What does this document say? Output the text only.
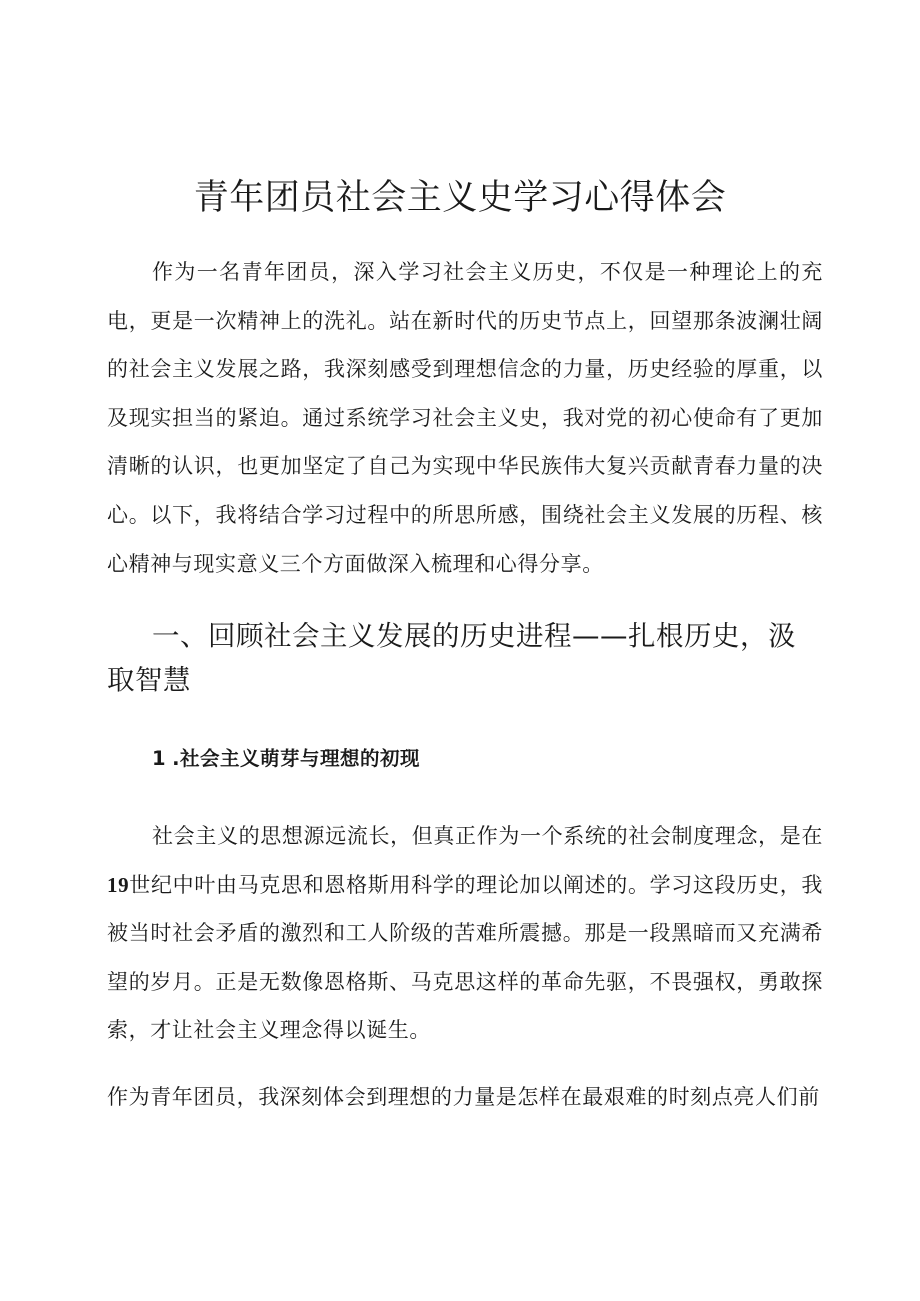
青年团员社会主义史学习心得体会

作为一名青年团员，深入学习社会主义历史，不仅是一种理论上的充电，更是一次精神上的洗礼。站在新时代的历史节点上，回望那条波澜壮阔的社会主义发展之路，我深刻感受到理想信念的力量，历史经验的厚重，以及现实担当的紧迫。通过系统学习社会主义史，我对党的初心使命有了更加清晰的认识，也更加坚定了自己为实现中华民族伟大复兴贡献青春力量的决心。以下，我将结合学习过程中的所思所感，围绕社会主义发展的历程、核心精神与现实意义三个方面做深入梳理和心得分享。

一、回顾社会主义发展的历史进程——扎根历史，汲取智慧
1 .社会主义萌芽与理想的初现

社会主义的思想源远流长，但真正作为一个系统的社会制度理念，是在19世纪中叶由马克思和恩格斯用科学的理论加以阐述的。学习这段历史，我被当时社会矛盾的激烈和工人阶级的苦难所震撼。那是一段黑暗而又充满希望的岁月。正是无数像恩格斯、马克思这样的革命先驱，不畏强权，勇敢探索，才让社会主义理念得以诞生。

作为青年团员，我深刻体会到理想的力量是怎样在最艰难的时刻点亮人们前
